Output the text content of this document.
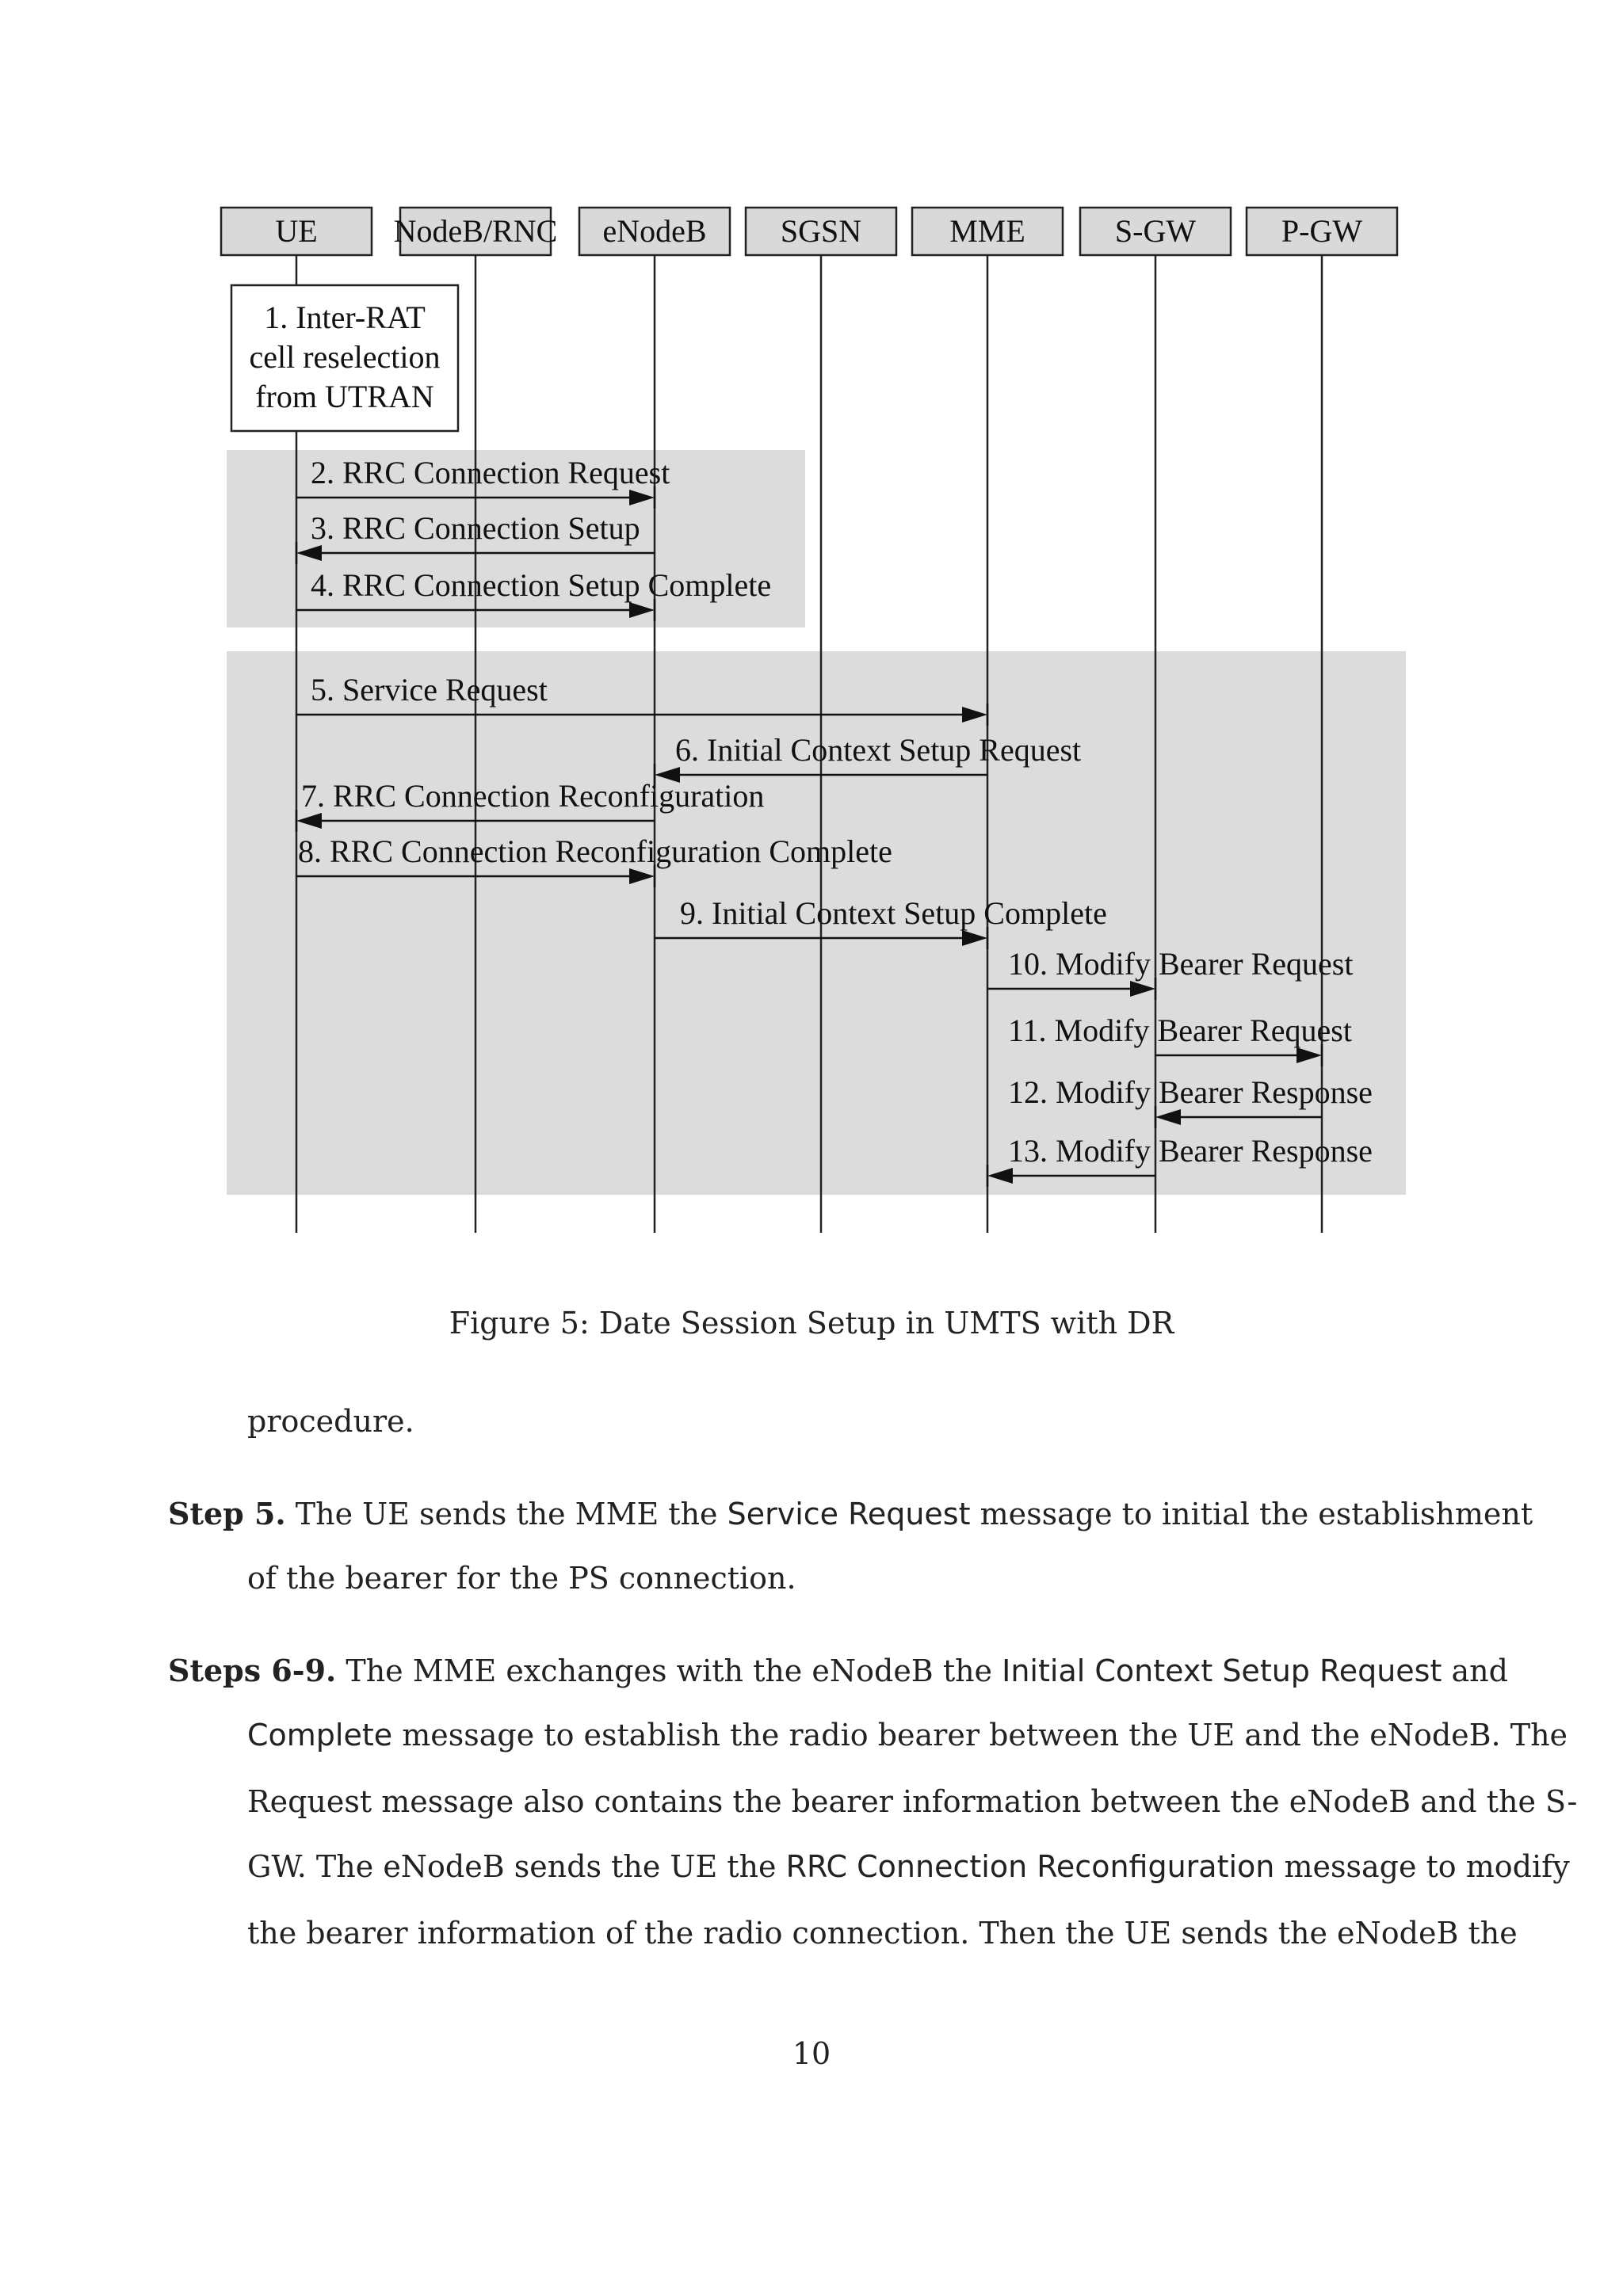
UE NodeB/RNC eNodeB SGSN	MME	S-GW	P-GW
1. Inter-RAT
cell reselection
from UTRAN
2. RRC Connection Request
3. RRC Connection Setup
4. RRC Connection Setup Complete
5. Service Request
6. Initial Context Setup Request
7. RRC Connection Reconfiguration
8. RRC Connection Reconfiguration Complete
9. Initial Context Setup Complete
10. Modify Bearer Request
11. Modify Bearer Request
12. Modify Bearer Response
13. Modify Bearer Response
Figure 5: Date Session Setup in UMTS with DR
procedure.
Step 5. The UE sends the MME the Service Request message to initial the establishment
of the bearer for the PS connection.
Steps 6-9. The MME exchanges with the eNodeB the Initial Context Setup Request and
Complete message to establish the radio bearer between the UE and the eNodeB. The
Request message also contains the bearer information between the eNodeB and the S-
GW. The eNodeB sends the UE the RRC Connection Reconfiguration message to modify
the bearer information of the radio connection. Then the UE sends the eNodeB the
10
